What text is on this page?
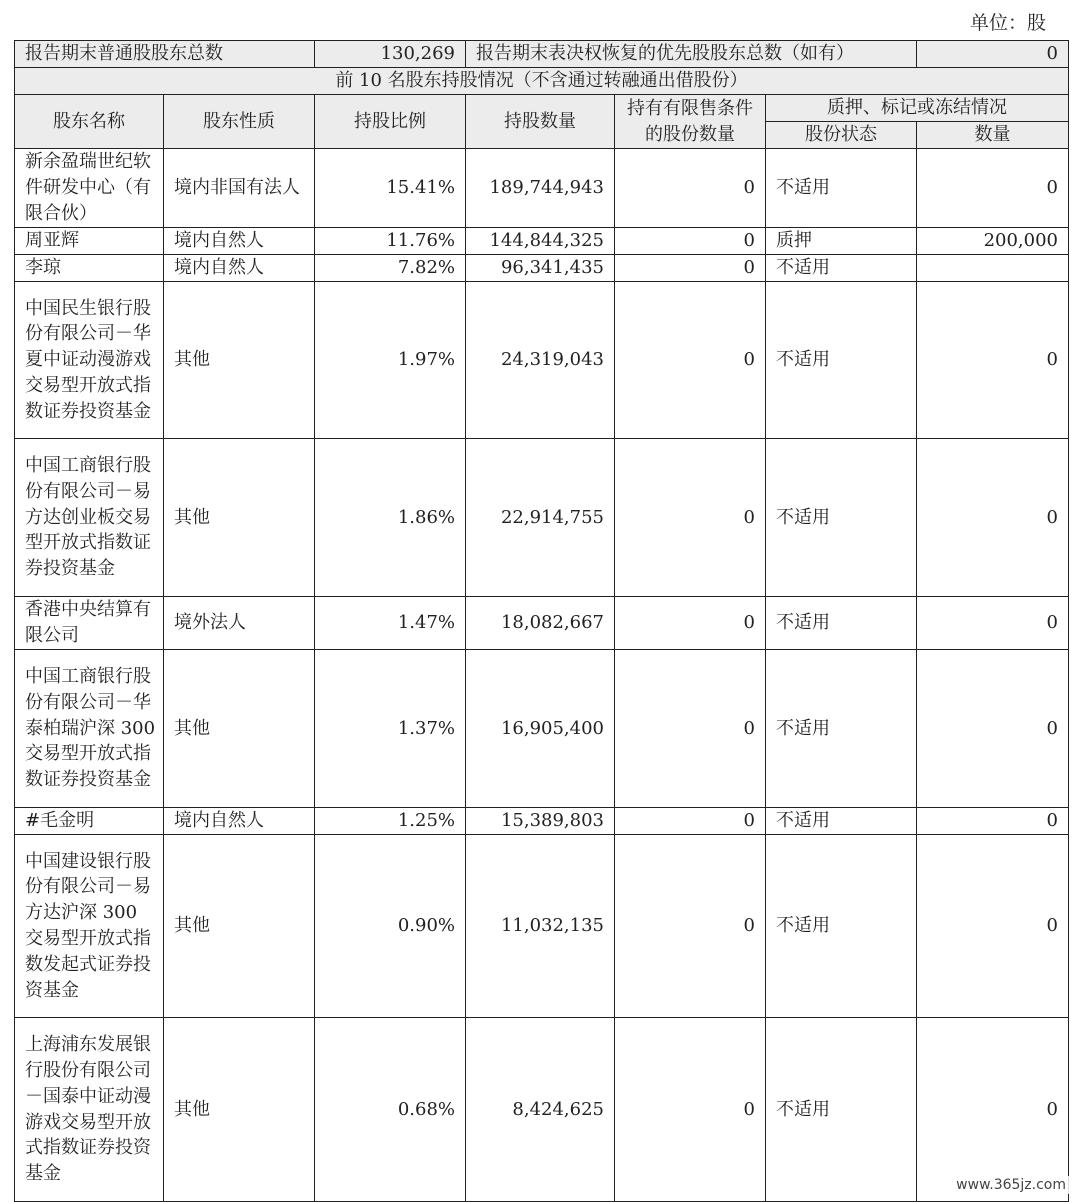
单位：股
报告期末普通股股东总数		130,269	报告期末表决权恢复的优先股股东总数（如有）			0
前 10 名股东持股情况（不含通过转融通出借股份）						
股东名称	股东性质	持股比例	持股数量	持有有限售条件的股份数量	质押、标记或冻结情况	
					股份状态	数量
新余盈瑞世纪软件研发中心（有限合伙）	境内非国有法人	15.41%	189,744,943	0	不适用	0
周亚辉	境内自然人	11.76%	144,844,325	0	质押	200,000
李琼	境内自然人	7.82%	96,341,435	0	不适用	
中国民生银行股份有限公司－华夏中证动漫游戏交易型开放式指数证券投资基金	其他	1.97%	24,319,043	0	不适用	0
中国工商银行股份有限公司－易方达创业板交易型开放式指数证券投资基金	其他	1.86%	22,914,755	0	不适用	0
香港中央结算有限公司	境外法人	1.47%	18,082,667	0	不适用	0
中国工商银行股份有限公司－华泰柏瑞沪深 300 交易型开放式指数证券投资基金	其他	1.37%	16,905,400	0	不适用	0
#毛金明	境内自然人	1.25%	15,389,803	0	不适用	0
中国建设银行股份有限公司－易方达沪深 300 交易型开放式指数发起式证券投资基金	其他	0.90%	11,032,135	0	不适用	0
上海浦东发展银行股份有限公司－国泰中证动漫游戏交易型开放式指数证券投资基金	其他	0.68%	8,424,625	0	不适用	0
www.365jz.com
